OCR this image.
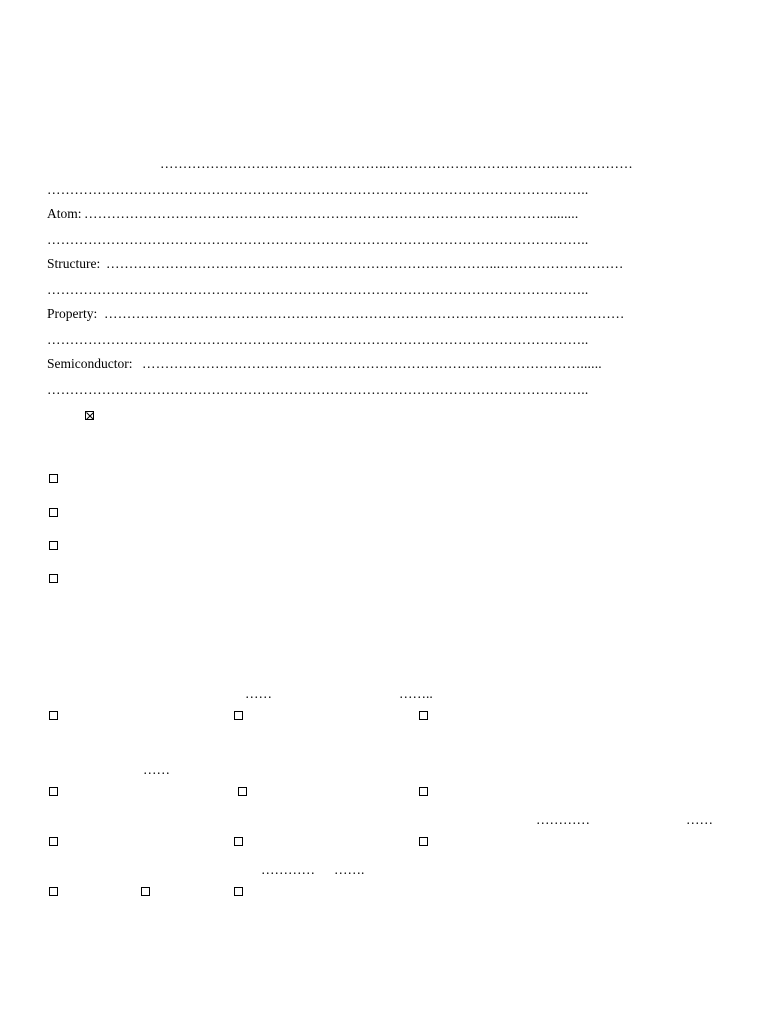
…………………………………………..………………………………………………
………………………………………………………………………………………………………..
Atom: …………………………………………………………………………………………........
………………………………………………………………………………………………………..
Structure: …………………………………………………………………………...………………………
………………………………………………………………………………………………………..
Property: ……………………………………………………………………………………………………
………………………………………………………………………………………………………..
Semiconductor: ……………………………………………………………………………………......
………………………………………………………………………………………………………..
……	……..
……
…………	……
………… …….
